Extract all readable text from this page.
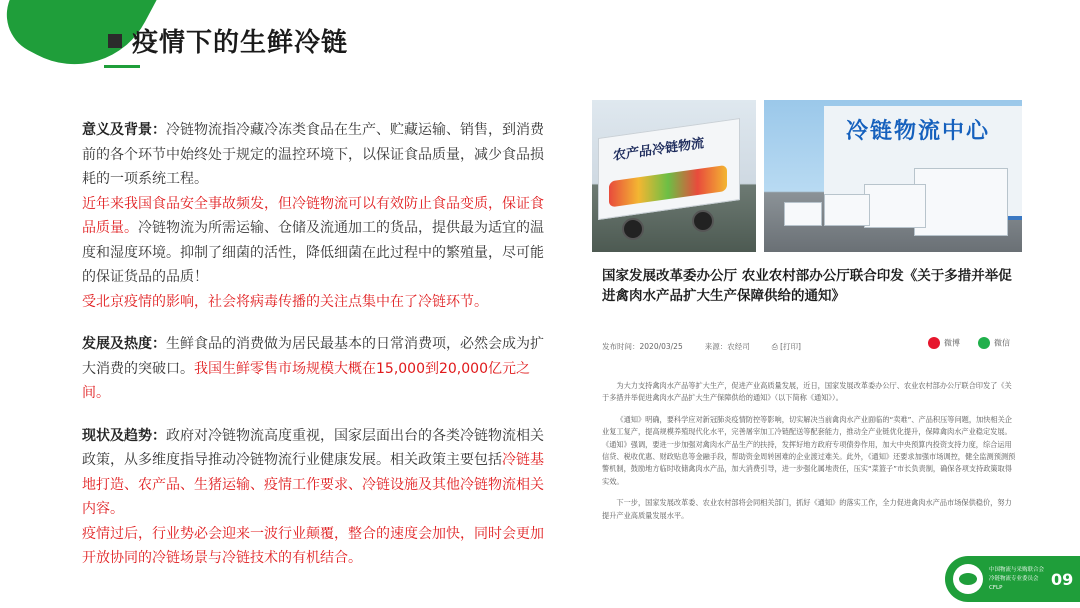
疫情下的生鲜冷链

意义及背景：冷链物流指冷藏冷冻类食品在生产、贮藏运输、销售，到消费前的各个环节中始终处于规定的温控环境下，以保证食品质量，减少食品损耗的一项系统工程。
近年来我国食品安全事故频发，但冷链物流可以有效防止食品变质，保证食品质量。冷链物流为所需运输、仓储及流通加工的货品，提供最为适宜的温度和湿度环境。抑制了细菌的活性，降低细菌在此过程中的繁殖量，尽可能的保证货品的品质！
受北京疫情的影响，社会将病毒传播的关注点集中在了冷链环节。

发展及热度：生鲜食品的消费做为居民最基本的日常消费项，必然会成为扩大消费的突破口。我国生鲜零售市场规模大概在15,000到20,000亿元之间。

现状及趋势：政府对冷链物流高度重视，国家层面出台的各类冷链物流相关政策，从多维度指导推动冷链物流行业健康发展。相关政策主要包括冷链基地打造、农产品、生猪运输、疫情工作要求、冷链设施及其他冷链物流相关内容。
疫情过后，行业势必会迎来一波行业颠覆，整合的速度会加快，同时会更加开放协同的冷链场景与冷链技术的有机结合。

农产品冷链物流
冷链物流中心
国家发展改革委办公厅 农业农村部办公厅联合印发《关于多措并举促进禽肉水产品扩大生产保障供给的通知》
发布时间：2020/03/25	来源：农经司	⎙ [打印]	微博	微信

为大力支持禽肉水产品等扩大生产，促进产业高质量发展，近日，国家发展改革委办公厅、农业农村部办公厅联合印发了《关于多措并举促进禽肉水产品扩大生产保障供给的通知》（以下简称《通知》）。

《通知》明确，要科学应对新冠肺炎疫情防控等影响，切实解决当前禽肉水产业面临的“卖难”、产品积压等问题，加快相关企业复工复产，提高规模养殖现代化水平，完善屠宰加工冷链配送等配套能力，推动全产业链优化提升，保障禽肉水产业稳定发展。《通知》强调，要进一步加强对禽肉水产品生产的扶持，发挥好地方政府专项债券作用，加大中央预算内投资支持力度，综合运用信贷、税收优惠、财政贴息等金融手段，帮助资金周转困难的企业渡过难关。此外，《通知》还要求加强市场调控，健全监测预测预警机制，鼓励地方临时收储禽肉水产品，加大消费引导，进一步强化属地责任，压实“菜篮子”市长负责制，确保各项支持政策取得实效。

下一步，国家发展改革委、农业农村部将会同相关部门，抓好《通知》的落实工作，全力促进禽肉水产品市场保供稳价，努力提升产业高质量发展水平。

中国物流与采购联合会
冷链物流专业委员会
CFLP	09
